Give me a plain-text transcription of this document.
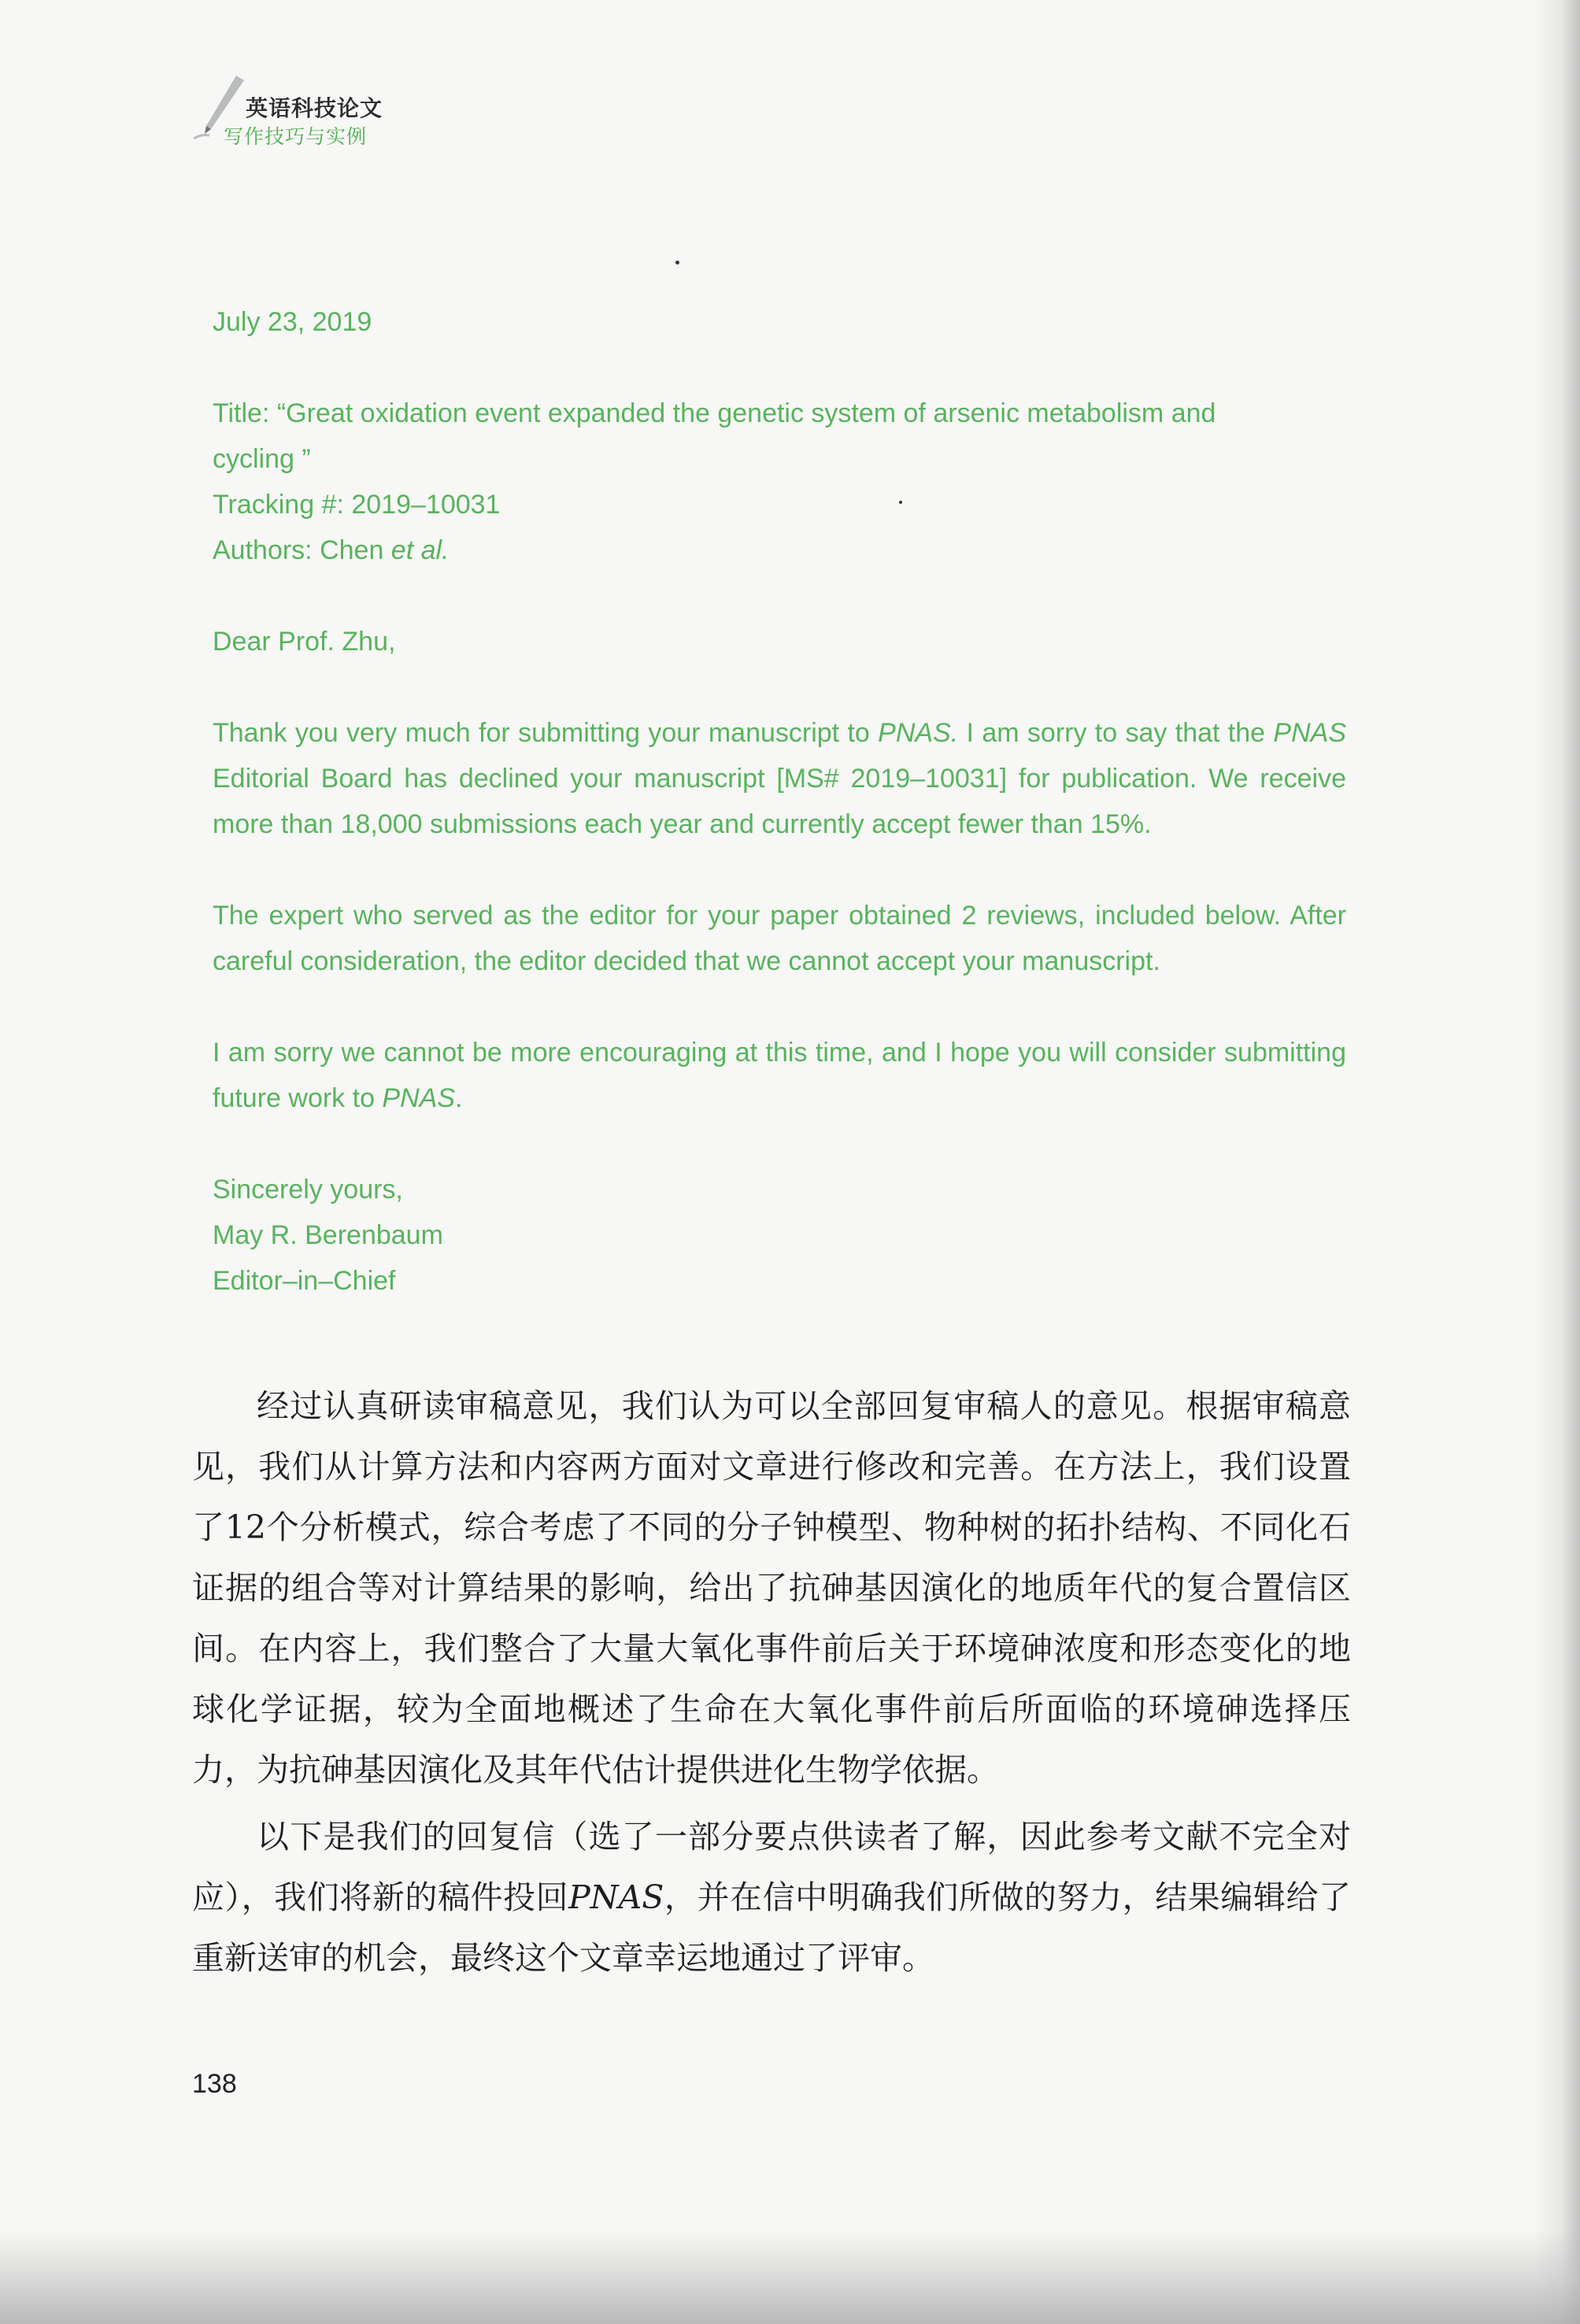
英语科技论文
写作技巧与实例

July 23, 2019

Title: “Great oxidation event expanded the genetic system of arsenic metabolism and

cycling ”

Tracking #: 2019–10031

Authors: Chen et al.

Dear Prof. Zhu,

Thank you very much for submitting your manuscript to PNAS. I am sorry to say that the PNAS Editorial Board has declined your manuscript [MS# 2019–10031] for publication. We receive more than 18,000 submissions each year and currently accept fewer than 15%.

The expert who served as the editor for your paper obtained 2 reviews, included below. After careful consideration, the editor decided that we cannot accept your manuscript.

I am sorry we cannot be more encouraging at this time, and I hope you will consider submitting future work to PNAS.

Sincerely yours,

May R. Berenbaum

Editor–in–Chief

经过认真研读审稿意见，我们认为可以全部回复审稿人的意见。根据审稿意见，我们从计算方法和内容两方面对文章进行修改和完善。在方法上，我们设置了12个分析模式，综合考虑了不同的分子钟模型、物种树的拓扑结构、不同化石证据的组合等对计算结果的影响，给出了抗砷基因演化的地质年代的复合置信区间。在内容上，我们整合了大量大氧化事件前后关于环境砷浓度和形态变化的地球化学证据，较为全面地概述了生命在大氧化事件前后所面临的环境砷选择压力，为抗砷基因演化及其年代估计提供进化生物学依据。

以下是我们的回复信（选了一部分要点供读者了解，因此参考文献不完全对应），我们将新的稿件投回PNAS，并在信中明确我们所做的努力，结果编辑给了重新送审的机会，最终这个文章幸运地通过了评审。

138
